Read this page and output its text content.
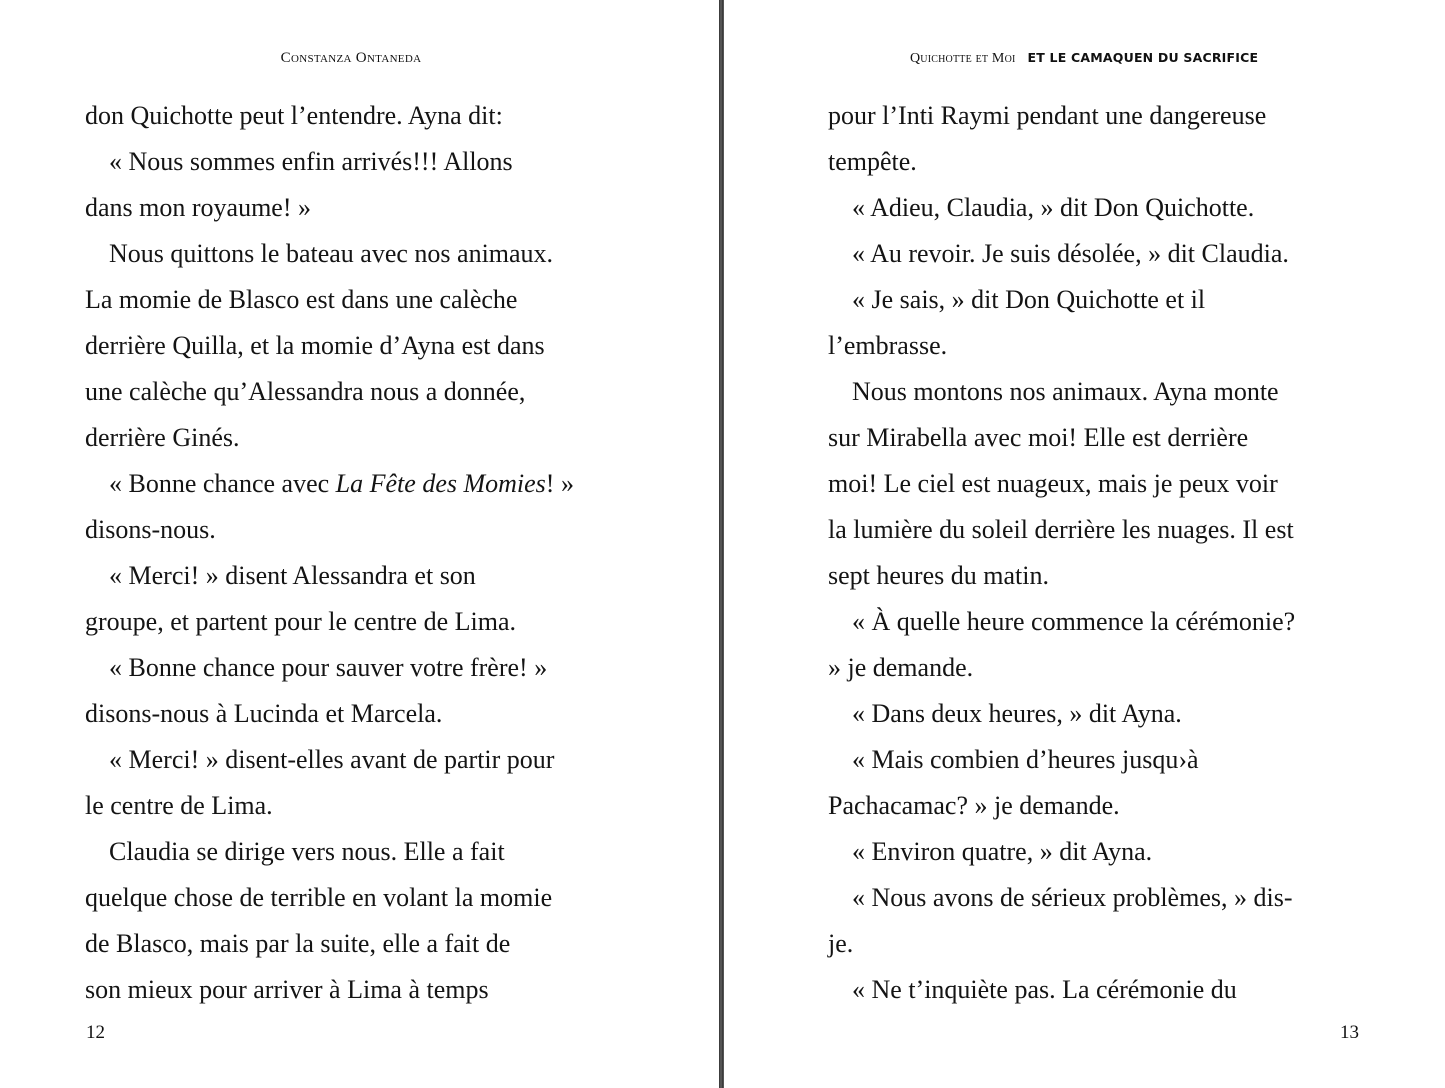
Constanza Ontaneda
don Quichotte peut l’entendre. Ayna dit:
« Nous sommes enfin arrivés!!! Allons
dans mon royaume! »
Nous quittons le bateau avec nos animaux.
La momie de Blasco est dans une calèche
derrière Quilla, et la momie d’Ayna est dans
une calèche qu’Alessandra nous a donnée,
derrière Ginés.
« Bonne chance avec La Fête des Momies! »
disons-nous.
« Merci! » disent Alessandra et son
groupe, et partent pour le centre de Lima.
« Bonne chance pour sauver votre frère! »
disons-nous à Lucinda et Marcela.
« Merci! » disent-elles avant de partir pour
le centre de Lima.
Claudia se dirige vers nous. Elle a fait
quelque chose de terrible en volant la momie
de Blasco, mais par la suite, elle a fait de
son mieux pour arriver à Lima à temps
12
Quichotte et Moi ET LE CAMAQUEN DU SACRIFICE
pour l’Inti Raymi pendant une dangereuse
tempête.
« Adieu, Claudia, » dit Don Quichotte.
« Au revoir. Je suis désolée, » dit Claudia.
« Je sais, » dit Don Quichotte et il
l’embrasse.
Nous montons nos animaux. Ayna monte
sur Mirabella avec moi! Elle est derrière
moi! Le ciel est nuageux, mais je peux voir
la lumière du soleil derrière les nuages. Il est
sept heures du matin.
« À quelle heure commence la cérémonie?
» je demande.
« Dans deux heures, » dit Ayna.
« Mais combien d’heures jusqu›à
Pachacamac? » je demande.
« Environ quatre, » dit Ayna.
« Nous avons de sérieux problèmes, » dis-
je.
« Ne t’inquiète pas. La cérémonie du
13
